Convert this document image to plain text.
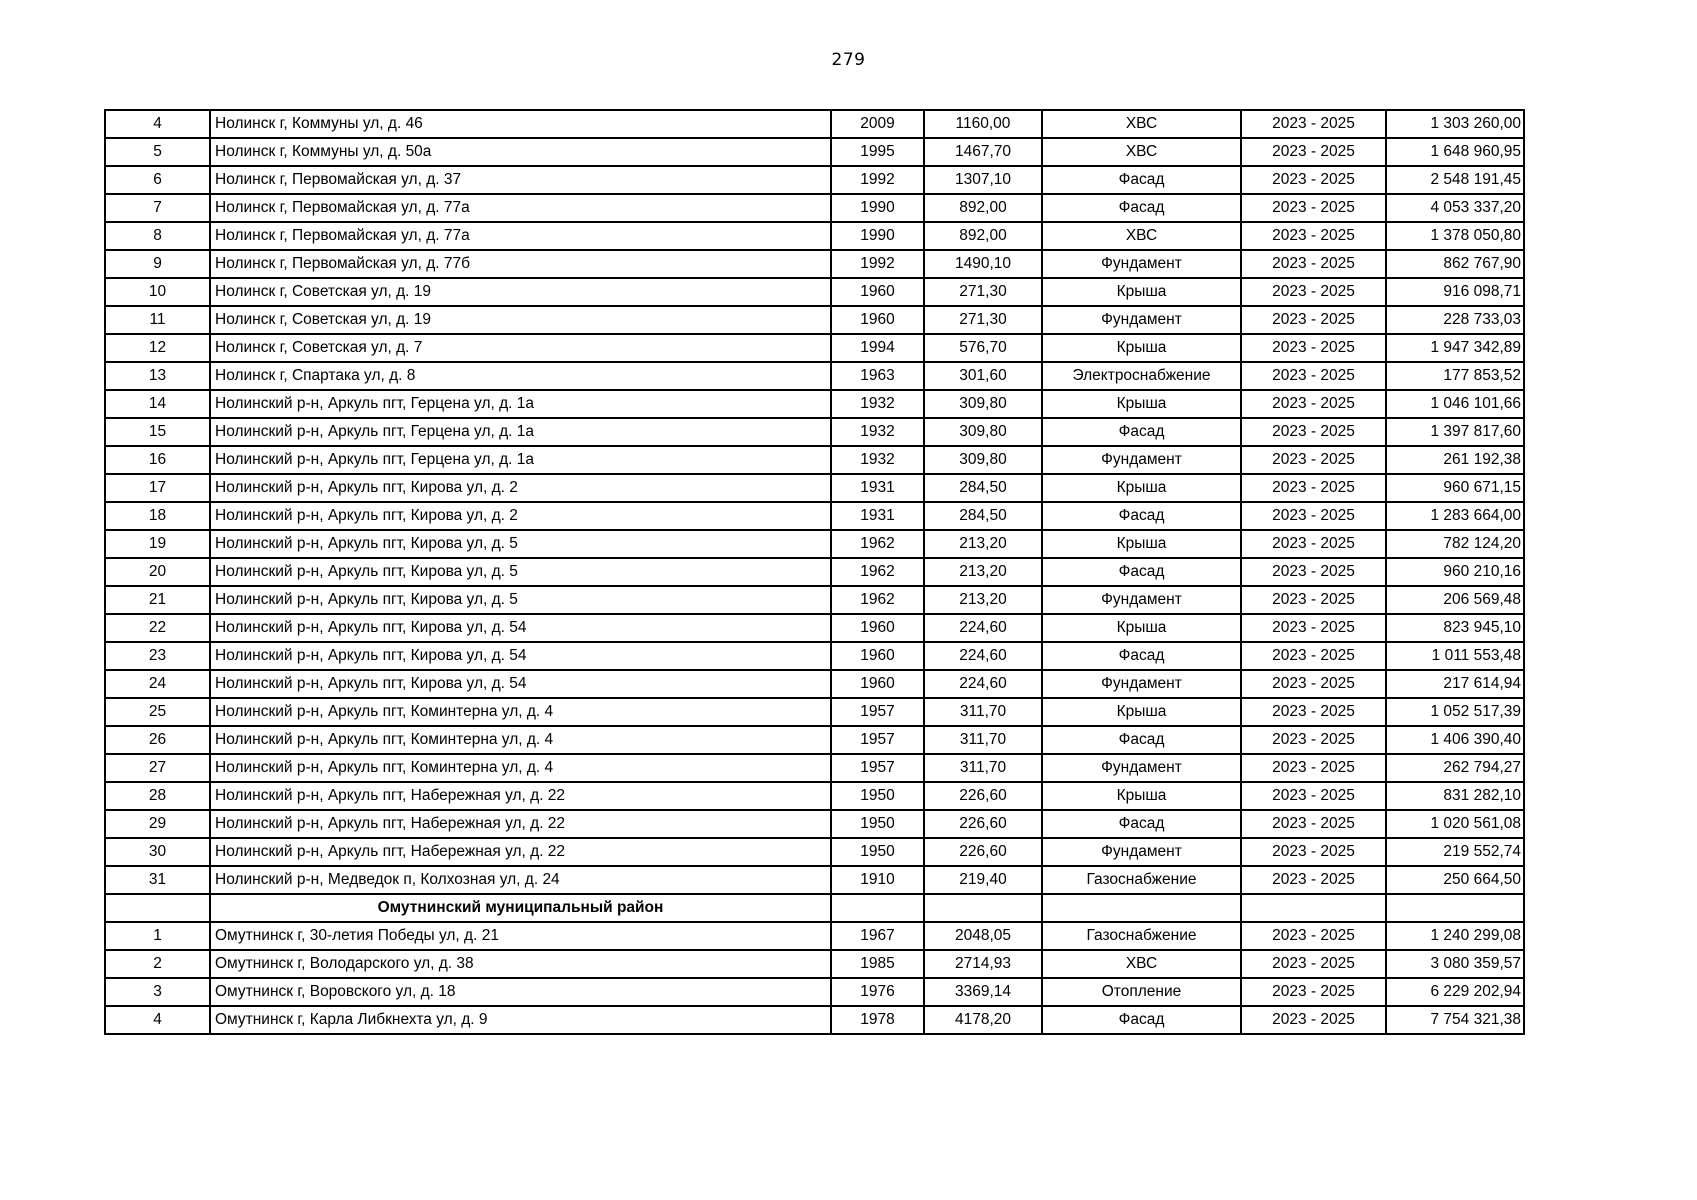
279
4	Нолинск г, Коммуны ул, д. 46	2009	1160,00	ХВС	2023 - 2025	1 303 260,00
5	Нолинск г, Коммуны ул, д. 50а	1995	1467,70	ХВС	2023 - 2025	1 648 960,95
6	Нолинск г, Первомайская ул, д. 37	1992	1307,10	Фасад	2023 - 2025	2 548 191,45
7	Нолинск г, Первомайская ул, д. 77а	1990	892,00	Фасад	2023 - 2025	4 053 337,20
8	Нолинск г, Первомайская ул, д. 77а	1990	892,00	ХВС	2023 - 2025	1 378 050,80
9	Нолинск г, Первомайская ул, д. 77б	1992	1490,10	Фундамент	2023 - 2025	862 767,90
10	Нолинск г, Советская ул, д. 19	1960	271,30	Крыша	2023 - 2025	916 098,71
11	Нолинск г, Советская ул, д. 19	1960	271,30	Фундамент	2023 - 2025	228 733,03
12	Нолинск г, Советская ул, д. 7	1994	576,70	Крыша	2023 - 2025	1 947 342,89
13	Нолинск г, Спартака ул, д. 8	1963	301,60	Электроснабжение	2023 - 2025	177 853,52
14	Нолинский р-н, Аркуль пгт, Герцена ул, д. 1а	1932	309,80	Крыша	2023 - 2025	1 046 101,66
15	Нолинский р-н, Аркуль пгт, Герцена ул, д. 1а	1932	309,80	Фасад	2023 - 2025	1 397 817,60
16	Нолинский р-н, Аркуль пгт, Герцена ул, д. 1а	1932	309,80	Фундамент	2023 - 2025	261 192,38
17	Нолинский р-н, Аркуль пгт, Кирова ул, д. 2	1931	284,50	Крыша	2023 - 2025	960 671,15
18	Нолинский р-н, Аркуль пгт, Кирова ул, д. 2	1931	284,50	Фасад	2023 - 2025	1 283 664,00
19	Нолинский р-н, Аркуль пгт, Кирова ул, д. 5	1962	213,20	Крыша	2023 - 2025	782 124,20
20	Нолинский р-н, Аркуль пгт, Кирова ул, д. 5	1962	213,20	Фасад	2023 - 2025	960 210,16
21	Нолинский р-н, Аркуль пгт, Кирова ул, д. 5	1962	213,20	Фундамент	2023 - 2025	206 569,48
22	Нолинский р-н, Аркуль пгт, Кирова ул, д. 54	1960	224,60	Крыша	2023 - 2025	823 945,10
23	Нолинский р-н, Аркуль пгт, Кирова ул, д. 54	1960	224,60	Фасад	2023 - 2025	1 011 553,48
24	Нолинский р-н, Аркуль пгт, Кирова ул, д. 54	1960	224,60	Фундамент	2023 - 2025	217 614,94
25	Нолинский р-н, Аркуль пгт, Коминтерна ул, д. 4	1957	311,70	Крыша	2023 - 2025	1 052 517,39
26	Нолинский р-н, Аркуль пгт, Коминтерна ул, д. 4	1957	311,70	Фасад	2023 - 2025	1 406 390,40
27	Нолинский р-н, Аркуль пгт, Коминтерна ул, д. 4	1957	311,70	Фундамент	2023 - 2025	262 794,27
28	Нолинский р-н, Аркуль пгт, Набережная ул, д. 22	1950	226,60	Крыша	2023 - 2025	831 282,10
29	Нолинский р-н, Аркуль пгт, Набережная ул, д. 22	1950	226,60	Фасад	2023 - 2025	1 020 561,08
30	Нолинский р-н, Аркуль пгт, Набережная ул, д. 22	1950	226,60	Фундамент	2023 - 2025	219 552,74
31	Нолинский р-н, Медведок п, Колхозная ул, д. 24	1910	219,40	Газоснабжение	2023 - 2025	250 664,50
	Омутнинский муниципальный район					
1	Омутнинск г, 30-летия Победы ул, д. 21	1967	2048,05	Газоснабжение	2023 - 2025	1 240 299,08
2	Омутнинск г, Володарского ул, д. 38	1985	2714,93	ХВС	2023 - 2025	3 080 359,57
3	Омутнинск г, Воровского ул, д. 18	1976	3369,14	Отопление	2023 - 2025	6 229 202,94
4	Омутнинск г, Карла Либкнехта ул, д. 9	1978	4178,20	Фасад	2023 - 2025	7 754 321,38
